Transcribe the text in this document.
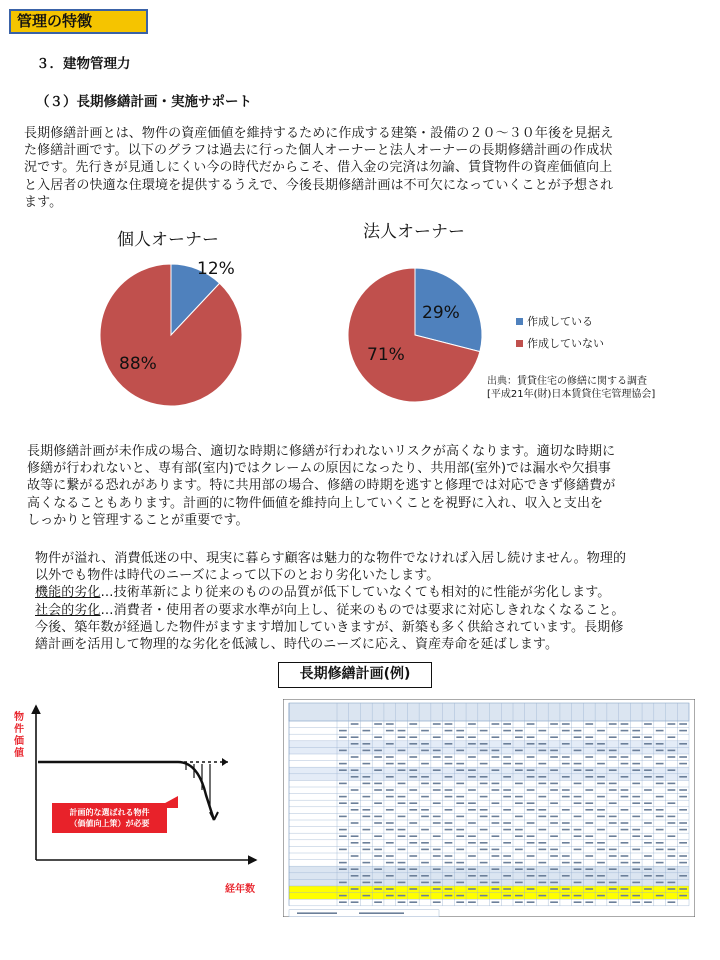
管理の特徴
３．建物管理力
（３）長期修繕計画・実施サポート
長期修繕計画とは、物件の資産価値を維持するために作成する建築・設備の２０～３０年後を見据え
た修繕計画です。以下のグラフは過去に行った個人オーナーと法人オーナーの長期修繕計画の作成状
況です。先行きが見通しにくい今の時代だからこそ、借入金の完済は勿論、賃貸物件の資産価値向上
と入居者の快適な住環境を提供するうえで、今後長期修繕計画は不可欠になっていくことが予想され
ます。
個人オーナー
12%
88%
法人オーナー
29%
71%
作成している
作成していない
出典：賃貸住宅の修繕に関する調査
[平成21年(財)日本賃貸住宅管理協会]
長期修繕計画が未作成の場合、適切な時期に修繕が行われないリスクが高くなります。適切な時期に
修繕が行われないと、専有部(室内)ではクレームの原因になったり、共用部(室外)では漏水や欠損事
故等に繋がる恐れがあります。特に共用部の場合、修繕の時期を逃すと修理では対応できず修繕費が
高くなることもあります。計画的に物件価値を維持向上していくことを視野に入れ、収入と支出を
しっかりと管理することが重要です。
物件が溢れ、消費低迷の中、現実に暮らす顧客は魅力的な物件でなければ入居し続けません。物理的
以外でも物件は時代のニーズによって以下のとおり劣化いたします。
機能的劣化…技術革新により従来のものの品質が低下していなくても相対的に性能が劣化します。
社会的劣化…消費者・使用者の要求水準が向上し、従来のものでは要求に対応しきれなくなること。
今後、築年数が経過した物件がますます増加していきますが、新築も多く供給されています。長期修
繕計画を活用して物理的な劣化を低減し、時代のニーズに応え、資産寿命を延ばします。
長期修繕計画(例)
物件価値
計画的な選ばれる物件
（価値向上策）が必要
経年数
